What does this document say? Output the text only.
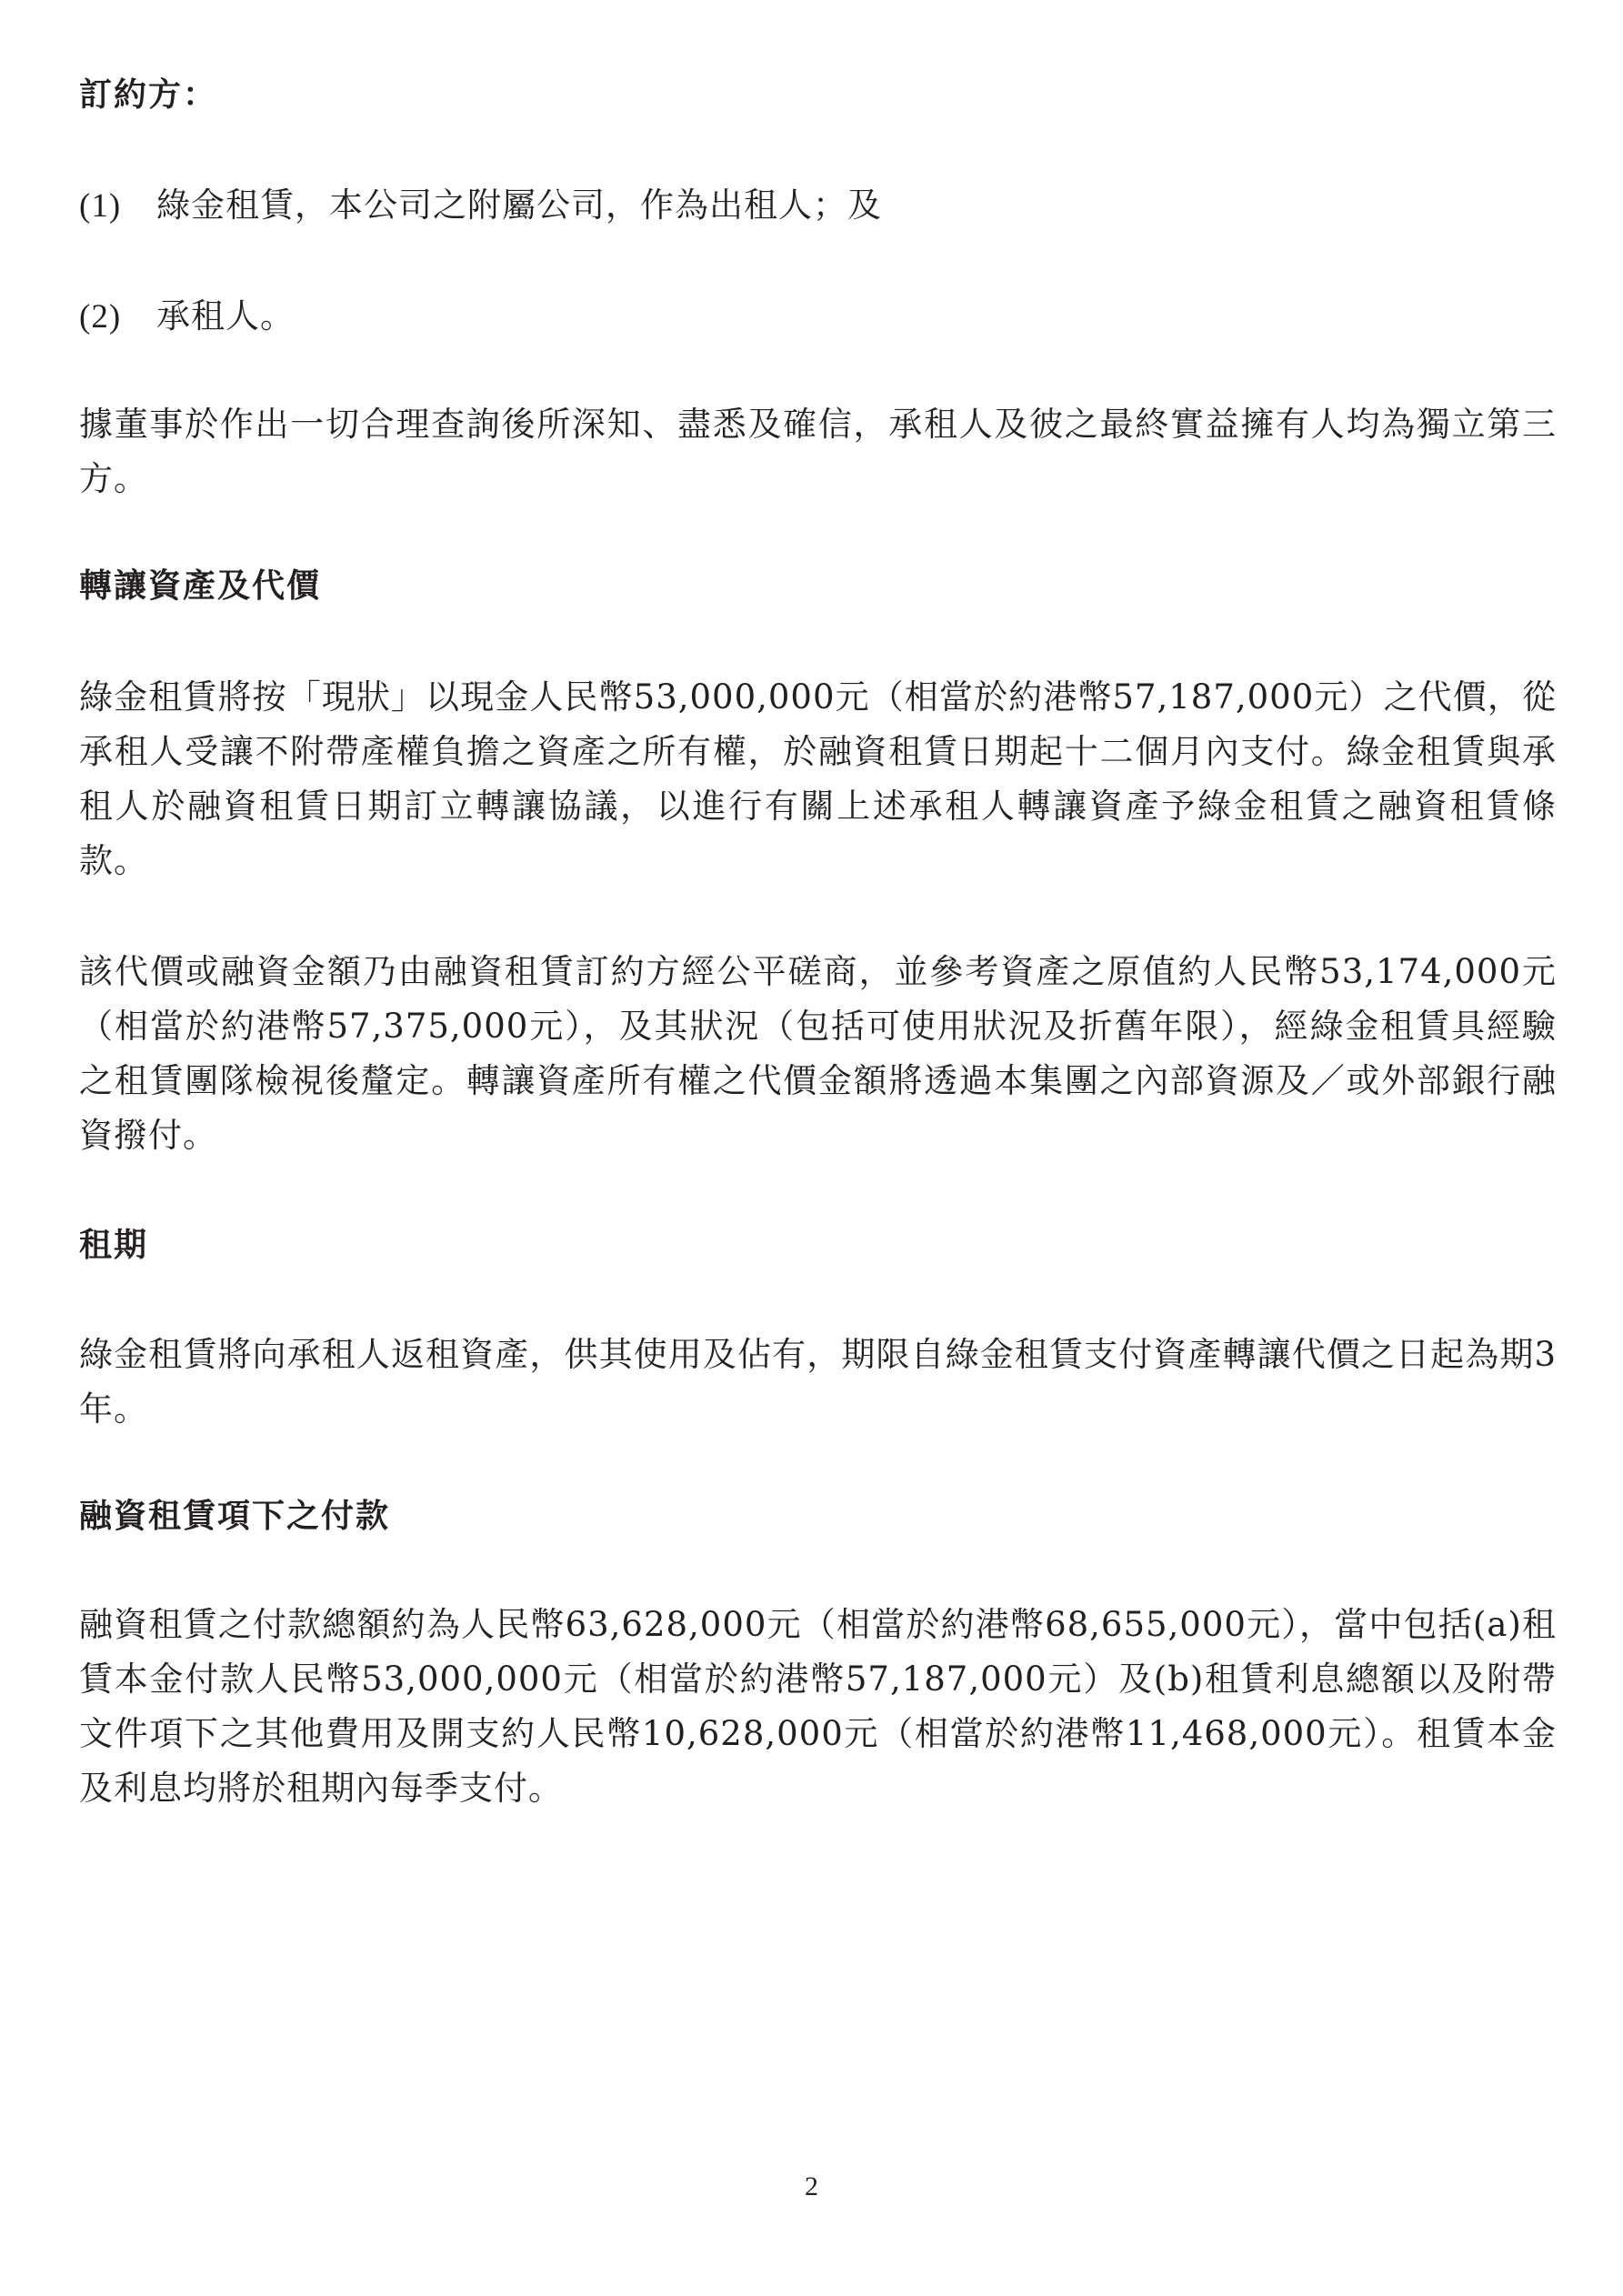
訂約方：
(1) 綠金租賃，本公司之附屬公司，作為出租人；及
(2) 承租人。

據董事於作出一切合理查詢後所深知、盡悉及確信，承租人及彼之最終實益擁有人均為獨立第三方。

轉讓資產及代價

綠金租賃將按「現狀」以現金人民幣53,000,000元（相當於約港幣57,187,000元）之代價，從承租人受讓不附帶產權負擔之資產之所有權，於融資租賃日期起十二個月內支付。綠金租賃與承租人於融資租賃日期訂立轉讓協議，以進行有關上述承租人轉讓資產予綠金租賃之融資租賃條款。

該代價或融資金額乃由融資租賃訂約方經公平磋商，並參考資產之原值約人民幣53,174,000元（相當於約港幣57,375,000元），及其狀況（包括可使用狀況及折舊年限），經綠金租賃具經驗之租賃團隊檢視後釐定。轉讓資產所有權之代價金額將透過本集團之內部資源及／或外部銀行融資撥付。

租期

綠金租賃將向承租人返租資產，供其使用及佔有，期限自綠金租賃支付資產轉讓代價之日起為期3年。

融資租賃項下之付款

融資租賃之付款總額約為人民幣63,628,000元（相當於約港幣68,655,000元），當中包括(a)租賃本金付款人民幣53,000,000元（相當於約港幣57,187,000元）及(b)租賃利息總額以及附帶文件項下之其他費用及開支約人民幣10,628,000元（相當於約港幣11,468,000元）。租賃本金及利息均將於租期內每季支付。

2
